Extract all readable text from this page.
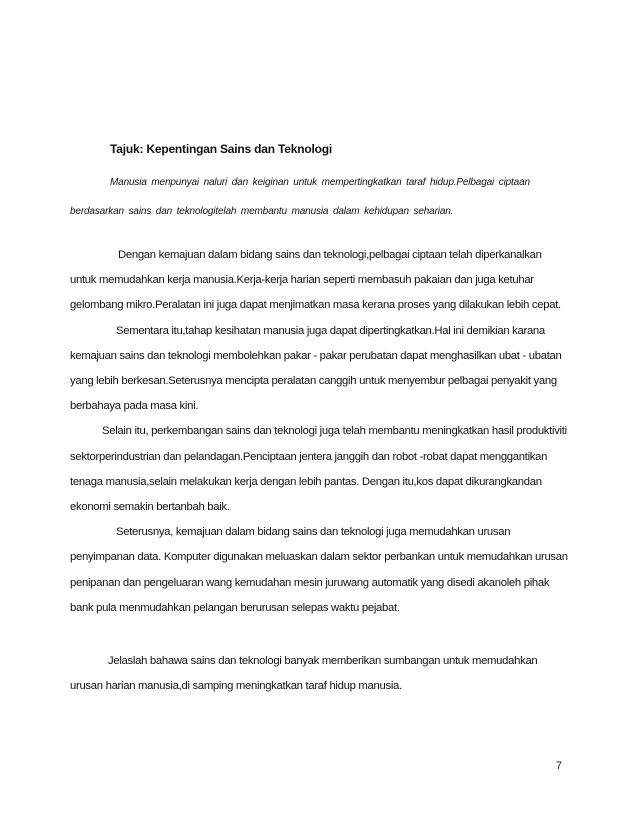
Tajuk: Kepentingan Sains dan Teknologi

Manusia menpunyai naluri dan keiginan untuk mempertingkatkan taraf hidup.Pelbagai ciptaan berdasarkan sains dan teknologitelah membantu manusia dalam kehidupan seharian.

Dengan kemajuan dalam bidang sains dan teknologi,pelbagai ciptaan telah diperkanalkan untuk memudahkan kerja manusia.Kerja-kerja harian seperti membasuh pakaian dan juga ketuhar gelombang mikro.Peralatan ini juga dapat menjimatkan masa kerana proses yang dilakukan lebih cepat.

Sementara itu,tahap kesihatan manusia juga dapat dipertingkatkan.Hal ini demikian karana kemajuan sains dan teknologi membolehkan pakar - pakar perubatan dapat menghasilkan ubat - ubatan yang lebih berkesan.Seterusnya mencipta peralatan canggih untuk menyembur pelbagai penyakit yang berbahaya pada masa kini.

Selain itu, perkembangan sains dan teknologi juga telah membantu meningkatkan hasil produktiviti sektorperindustrian dan pelandagan.Penciptaan jentera janggih dan robot -robat dapat menggantikan tenaga manusia,selain melakukan kerja dengan lebih pantas. Dengan itu,kos dapat dikurangkandan ekonomi semakin bertanbah baik.

Seterusnya, kemajuan dalam bidang sains dan teknologi juga memudahkan urusan penyimpanan data. Komputer digunakan meluaskan dalam sektor perbankan untuk memudahkan urusan penipanan dan pengeluaran wang kemudahan mesin juruwang automatik yang disedi akanoleh pihak bank pula menmudahkan pelangan berurusan selepas waktu pejabat.

Jelaslah bahawa sains dan teknologi banyak memberikan sumbangan untuk memudahkan urusan harian manusia,di samping meningkatkan taraf hidup manusia.

7
